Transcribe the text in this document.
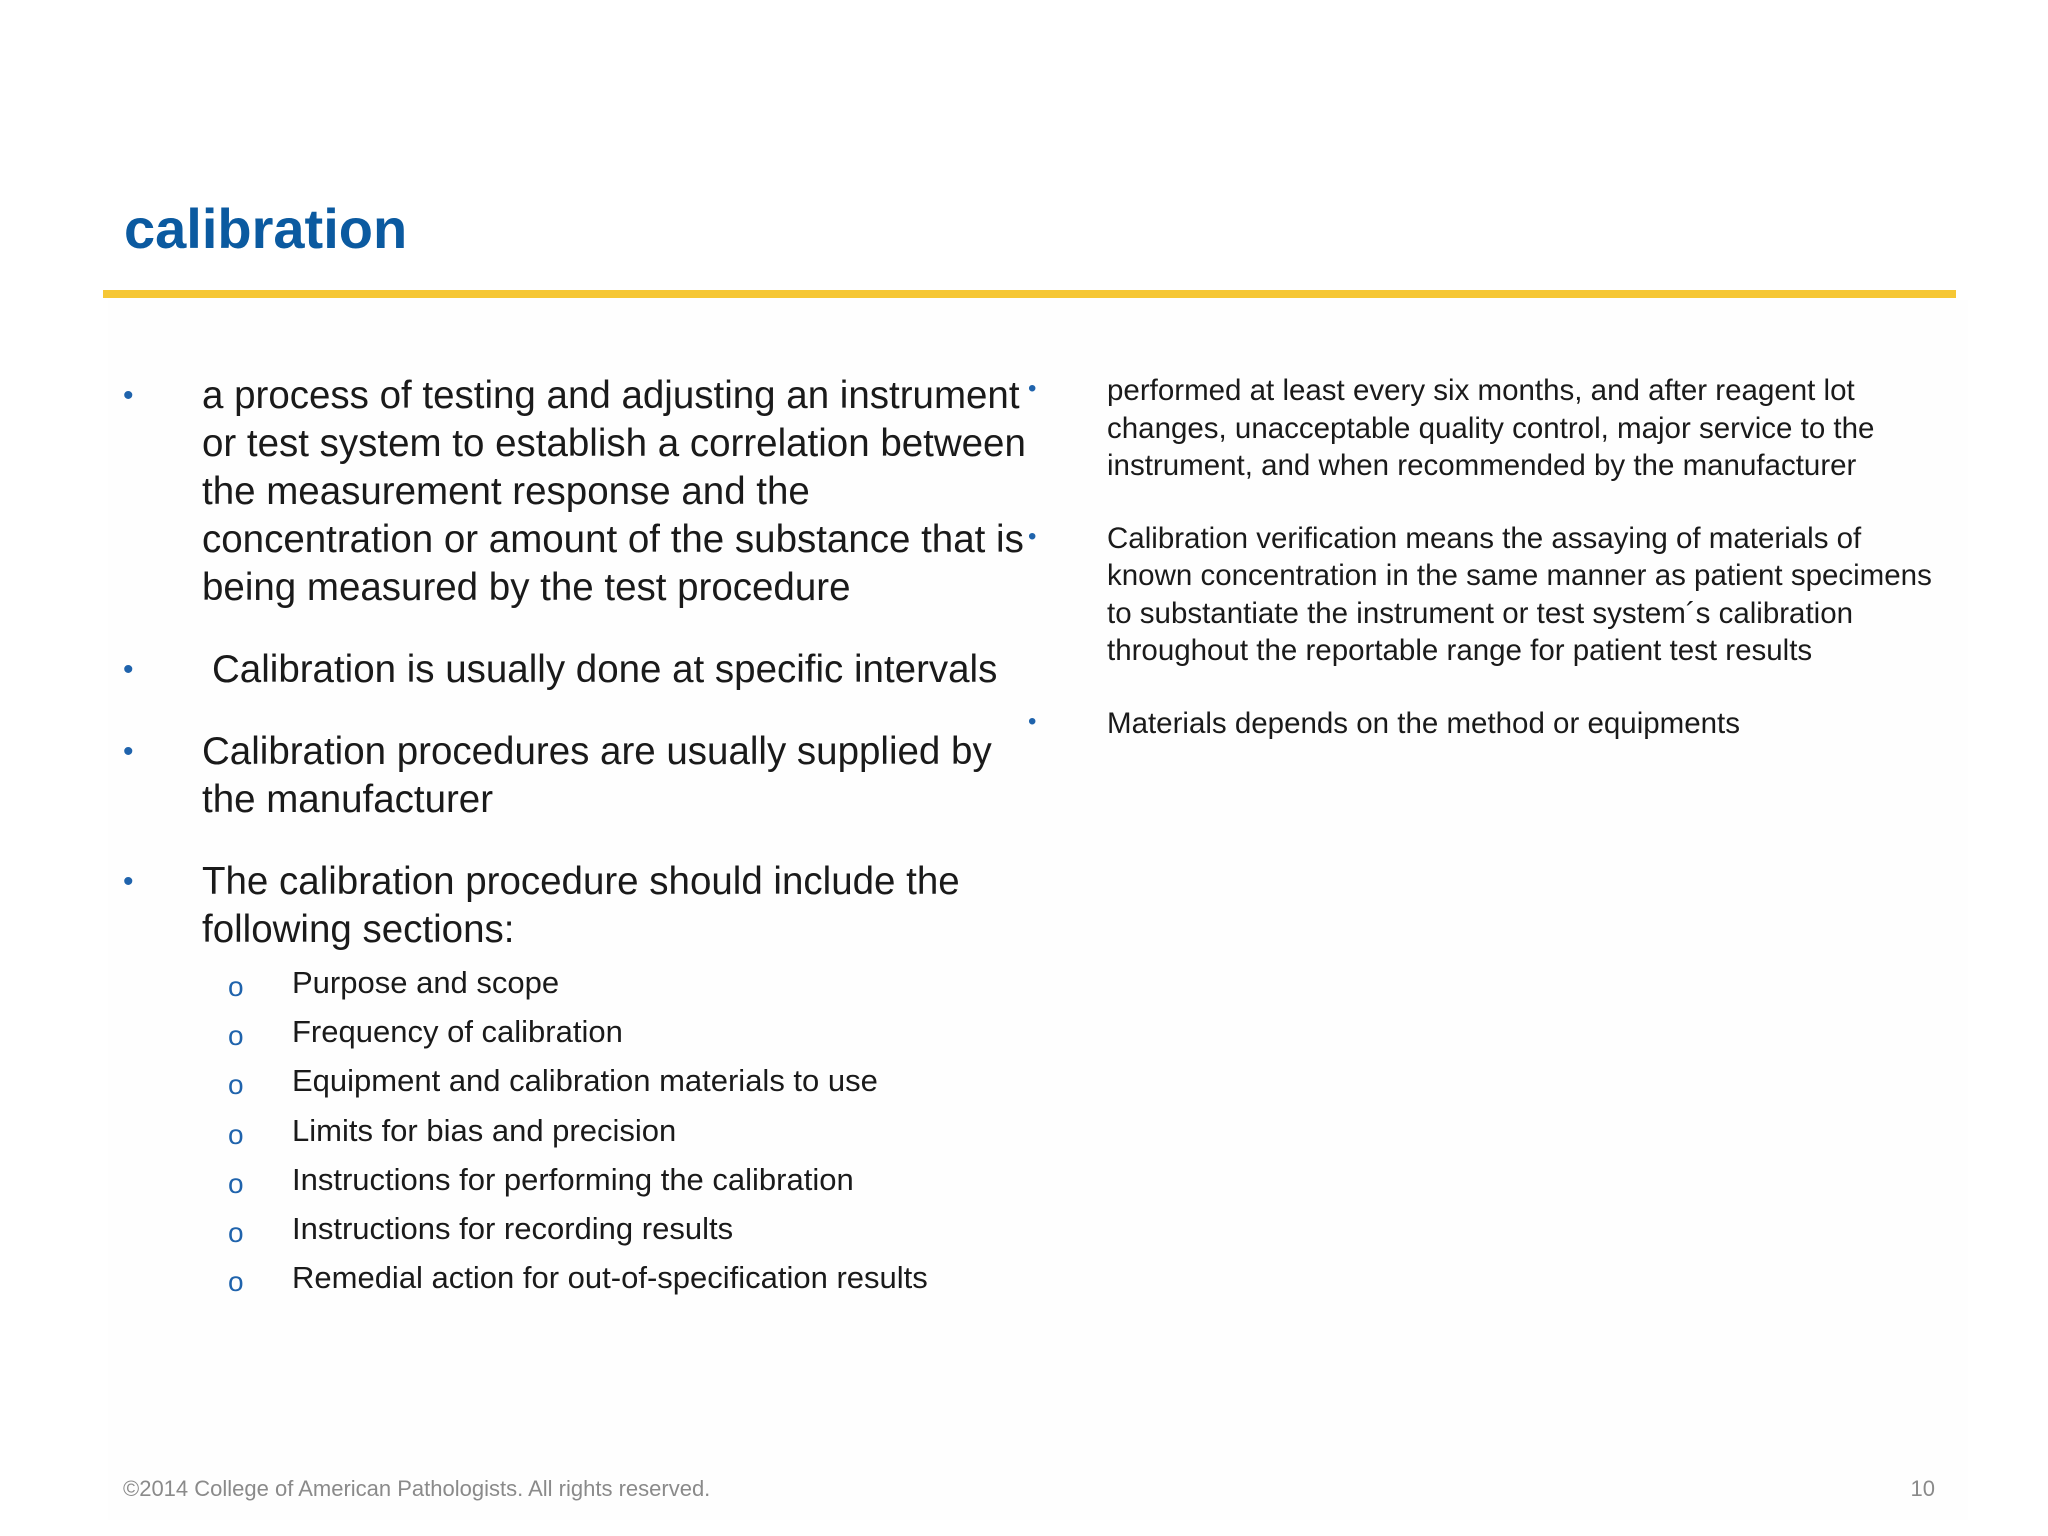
calibration
• a process of testing and adjusting an instrument or test system to establish a correlation between the measurement response and the concentration or amount of the substance that is being measured by the test procedure
• Calibration is usually done at specific intervals
• Calibration procedures are usually supplied by the manufacturer
• The calibration procedure should include the following sections:
o Purpose and scope
o Frequency of calibration
o Equipment and calibration materials to use
o Limits for bias and precision
o Instructions for performing the calibration
o Instructions for recording results
o Remedial action for out-of-specification results
• performed at least every six months, and after reagent lot changes, unacceptable quality control, major service to the instrument, and when recommended by the manufacturer
• Calibration verification means the assaying of materials of known concentration in the same manner as patient specimens to substantiate the instrument or test system´s calibration throughout the reportable range for patient test results
• Materials depends on the method or equipments
©2014 College of American Pathologists. All rights reserved.	10
